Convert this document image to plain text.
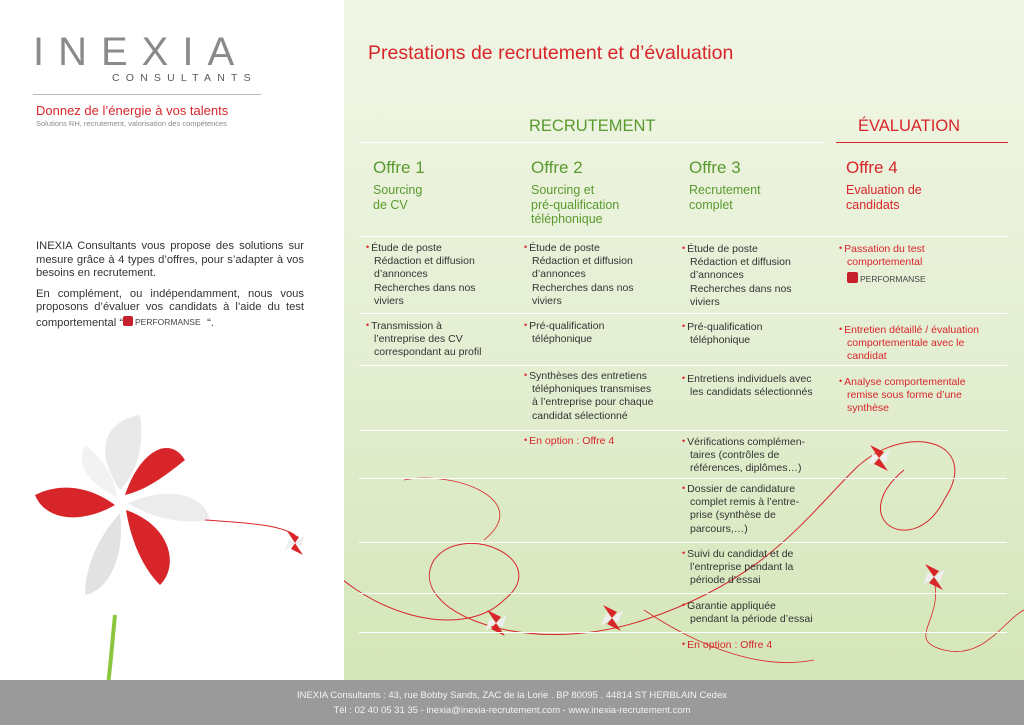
INEXIA
CONSULTANTS
Donnez de l’énergie à vos talents
Solutions RH, recrutement, valorisation des compétences
INEXIA Consultants vous propose des solutions sur mesure grâce à 4 types d’offres, pour s’adapter à vos besoins en recrutement.
En complément, ou indépendamment, nous vous proposons d’évaluer vos candidats à l’aide du test comportemental “ PERFORMANSE “.
Prestations de recrutement et d’évaluation
RECRUTEMENT	ÉVALUATION
Offre 1
Sourcing
de CV
Offre 2
Sourcing et
pré-qualification
téléphonique
Offre 3
Recrutement
complet
Offre 4
Evaluation de
candidats
• Étude de poste
Rédaction et diffusion
d’annonces
Recherches dans nos
viviers
• Étude de poste
Rédaction et diffusion
d’annonces
Recherches dans nos
viviers
• Étude de poste
Rédaction et diffusion
d’annonces
Recherches dans nos
viviers
• Passation du test
comportemental
PERFORMANSE
• Transmission à
l’entreprise des CV
correspondant au profil
• Pré-qualification
téléphonique
• Pré-qualification
téléphonique
• Entretien détaillé / évaluation
comportementale avec le
candidat
• Synthèses des entretiens
téléphoniques transmises
à l’entreprise pour chaque
candidat sélectionné
• Entretiens individuels avec
les candidats sélectionnés
• Analyse comportementale
remise sous forme d’une
synthèse
• En option : Offre 4	• Vérifications complémen-
taires (contrôles de
références, diplômes…)
• Dossier de candidature
complet remis à l’entre-
prise (synthèse de
parcours,…)
• Suivi du candidat et de
l’entreprise pendant la
période d’essai
• Garantie appliquée
pendant la période d’essai
• En option : Offre 4
INEXIA Consultants : 43, rue Bobby Sands, ZAC de la Lorie . BP 80095 . 44814 ST HERBLAIN Cedex
Tél : 02 40 05 31 35 - inexia@inexia-recrutement.com - www.inexia-recrutement.com
